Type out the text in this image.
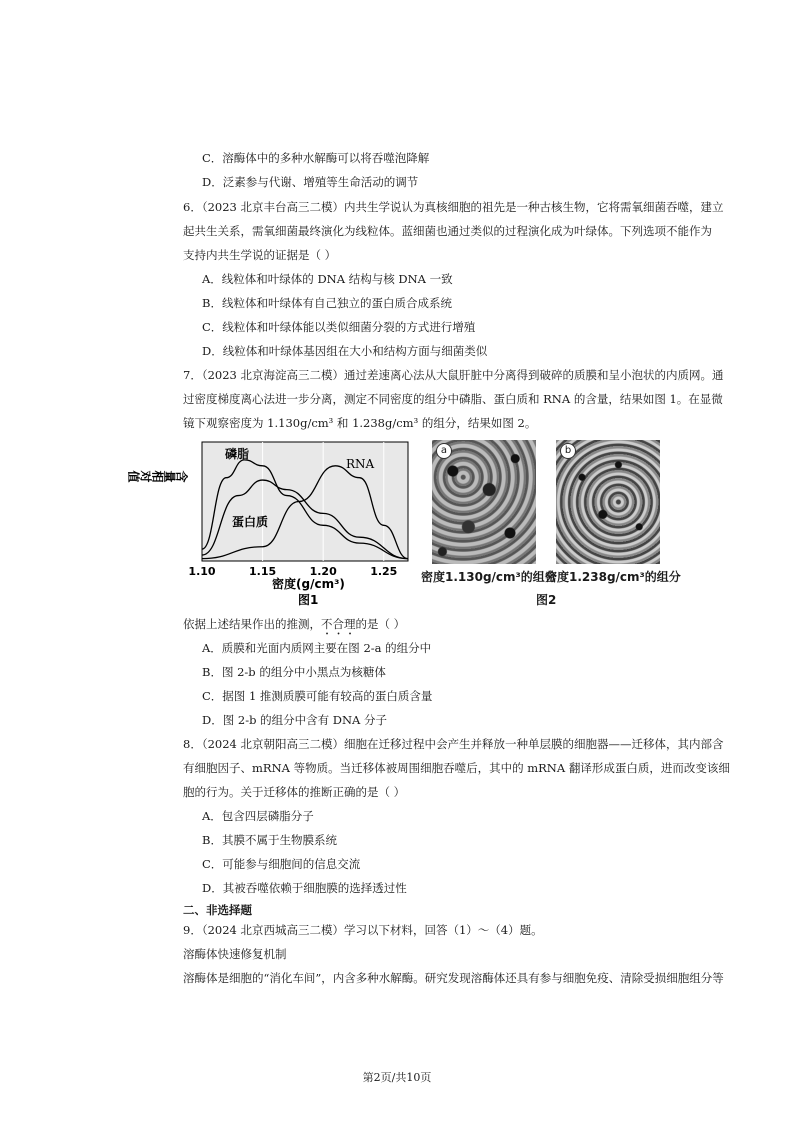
C．溶酶体中的多种水解酶可以将吞噬泡降解
D．泛素参与代谢、增殖等生命活动的调节
6．（2023 北京丰台高三二模）内共生学说认为真核细胞的祖先是一种古核生物，它将需氧细菌吞噬，建立
起共生关系，需氧细菌最终演化为线粒体。蓝细菌也通过类似的过程演化成为叶绿体。下列选项不能作为
支持内共生学说的证据是（ ）
A．线粒体和叶绿体的 DNA 结构与核 DNA 一致
B．线粒体和叶绿体有自己独立的蛋白质合成系统
C．线粒体和叶绿体能以类似细菌分裂的方式进行增殖
D．线粒体和叶绿体基因组在大小和结构方面与细菌类似
7．（2023 北京海淀高三二模）通过差速离心法从大鼠肝脏中分离得到破碎的质膜和呈小泡状的内质网。通
过密度梯度离心法进一步分离，测定不同密度的组分中磷脂、蛋白质和 RNA 的含量，结果如图 1。在显微
镜下观察密度为 1.130g/cm³ 和 1.238g/cm³ 的组分，结果如图 2。
含量相对值
磷脂
RNA
蛋白质
1.10	1.15	1.20	1.25
密度(g/cm³)
图1
a	b
密度1.130g/cm³的组分
密度1.238g/cm³的组分
图2
依据上述结果作出的推测，不合理的是（ ）
A．质膜和光面内质网主要在图 2-a 的组分中
B．图 2-b 的组分中小黑点为核糖体
C．据图 1 推测质膜可能有较高的蛋白质含量
D．图 2-b 的组分中含有 DNA 分子
8．（2024 北京朝阳高三二模）细胞在迁移过程中会产生并释放一种单层膜的细胞器——迁移体，其内部含
有细胞因子、mRNA 等物质。当迁移体被周围细胞吞噬后，其中的 mRNA 翻译形成蛋白质，进而改变该细
胞的行为。关于迁移体的推断正确的是（ ）
A．包含四层磷脂分子
B．其膜不属于生物膜系统
C．可能参与细胞间的信息交流
D．其被吞噬依赖于细胞膜的选择透过性
二、非选择题
9．（2024 北京西城高三二模）学习以下材料，回答（1）～（4）题。
溶酶体快速修复机制
溶酶体是细胞的“消化车间”，内含多种水解酶。研究发现溶酶体还具有参与细胞免疫、清除受损细胞组分等
第2页/共10页
